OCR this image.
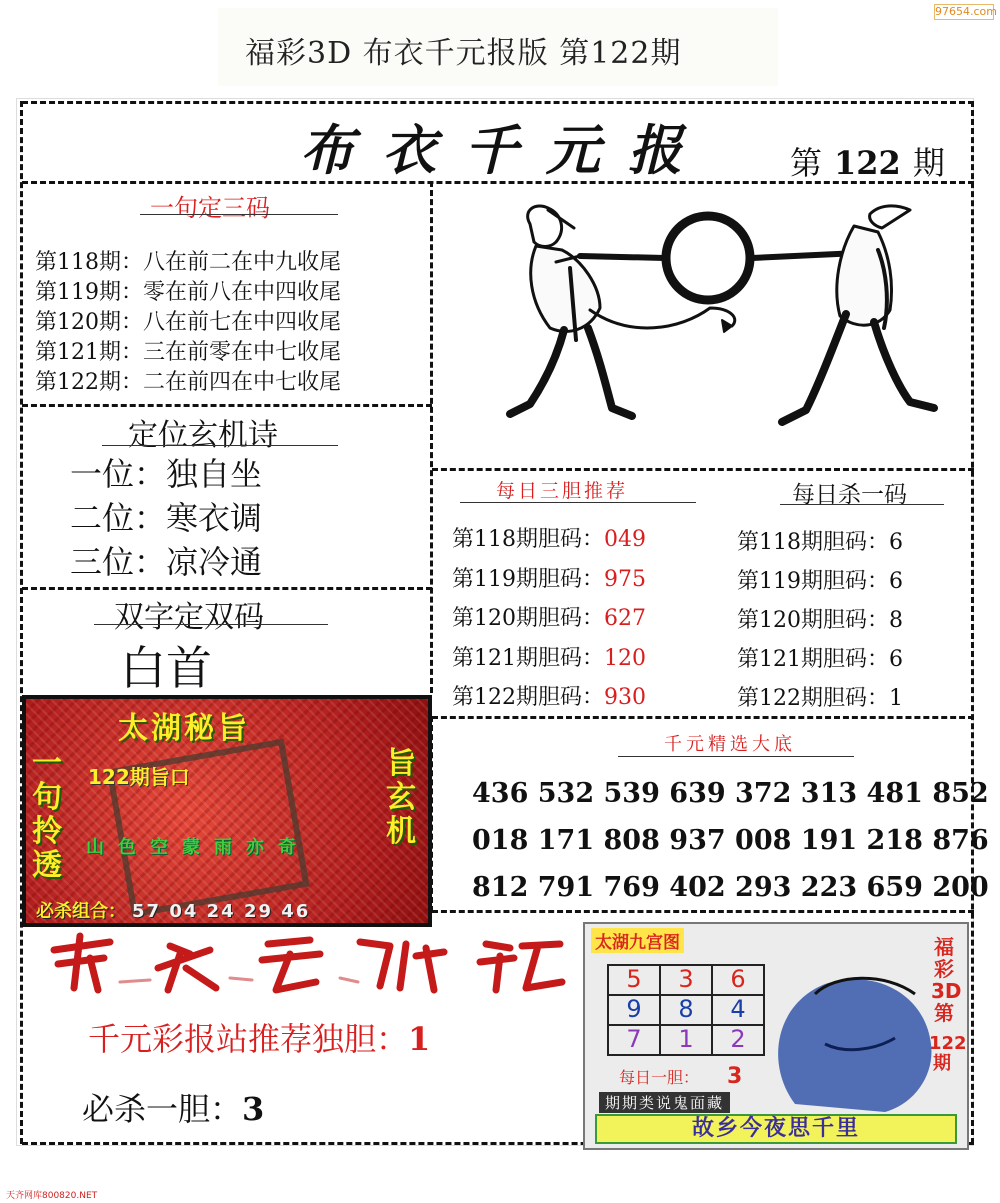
97654.com
天齐网库800820.NET
福彩3D 布衣千元报版 第122期
布衣千元报	第 122 期
一句定三码
第118期：八在前二在中九收尾
第119期：零在前八在中四收尾
第120期：八在前七在中四收尾
第121期：三在前零在中七收尾
第122期：二在前四在中七收尾
定位玄机诗
一位：独自坐
二位：寒衣调
三位：凉冷通
双字定双码
白首
每日三胆推荐
第118期胆码：049
第119期胆码：975
第120期胆码：627
第121期胆码：120
第122期胆码：930
每日杀一码
第118期胆码：6
第119期胆码：6
第120期胆码：8
第121期胆码：6
第122期胆码：1
千元精选大底
436 532 539 639 372 313 481 852
018 171 808 937 008 191 218 876
812 791 769 402 293 223 659 200
太湖秘旨
122期旨口
一句拎透
旨玄机
山色空蒙雨亦奇
必杀组合： 57 04 24 29 46
千元彩报站推荐独胆：1
必杀一胆：3
太湖九宫图
5	3	6
9	8	4
7	1	2
福彩3D第
122期
每日一胆： 3
期期类说鬼面藏
故乡今夜思千里
